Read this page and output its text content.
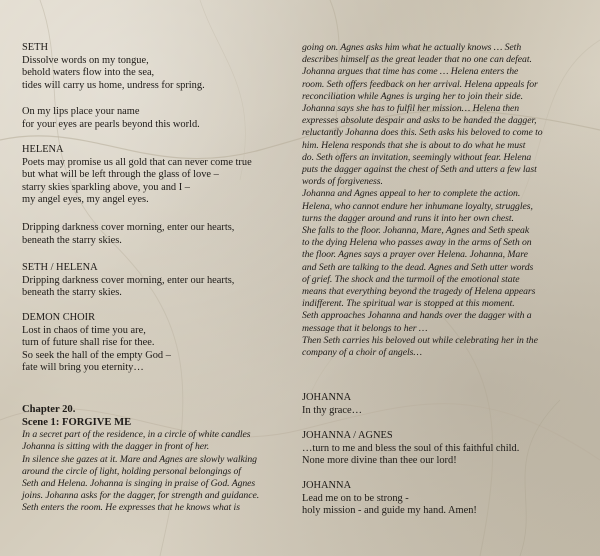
SETH
Dissolve words on my tongue,
behold waters flow into the sea,
tides will carry us home, undress for spring.
On my lips place your name
for your eyes are pearls beyond this world.
HELENA
Poets may promise us all gold that can never come true
but what will be left through the glass of love –
starry skies sparkling above, you and I –
my angel eyes, my angel eyes.
Dripping darkness cover morning, enter our hearts,
beneath the starry skies.
SETH / HELENA
Dripping darkness cover morning, enter our hearts,
beneath the starry skies.
DEMON CHOIR
Lost in chaos of time you are,
turn of future shall rise for thee.
So seek the hall of the empty God –
fate will bring you eternity…
Chapter 20.
Scene 1: FORGIVE ME
In a secret part of the residence, in a circle of white candles
Johanna is sitting with the dagger in front of her.
In silence she gazes at it. Mare and Agnes are slowly walking
around the circle of light, holding personal belongings of
Seth and Helena. Johanna is singing in praise of God. Agnes
joins. Johanna asks for the dagger, for strength and guidance.
Seth enters the room. He expresses that he knows what is
going on. Agnes asks him what he actually knows … Seth
describes himself as the great leader that no one can defeat.
Johanna argues that time has come … Helena enters the
room. Seth offers feedback on her arrival. Helena appeals for
reconciliation while Agnes is urging her to join their side.
Johanna says she has to fulfil her mission… Helena then
expresses absolute despair and asks to be handed the dagger,
reluctantly Johanna does this. Seth asks his beloved to come to
him. Helena responds that she is about to do what he must
do. Seth offers an invitation, seemingly without fear. Helena
puts the dagger against the chest of Seth and utters a few last
words of forgiveness.
Johanna and Agnes appeal to her to complete the action.
Helena, who cannot endure her inhumane loyalty, struggles,
turns the dagger around and runs it into her own chest.
She falls to the floor. Johanna, Mare, Agnes and Seth speak
to the dying Helena who passes away in the arms of Seth on
the floor. Agnes says a prayer over Helena. Johanna, Mare
and Seth are talking to the dead. Agnes and Seth utter words
of grief. The shock and the turmoil of the emotional state
means that everything beyond the tragedy of Helena appears
indifferent. The spiritual war is stopped at this moment.
Seth approaches Johanna and hands over the dagger with a
message that it belongs to her …
Then Seth carries his beloved out while celebrating her in the
company of a choir of angels…
JOHANNA
In thy grace…
JOHANNA / AGNES
…turn to me and bless the soul of this faithful child.
None more divine than thee our lord!
JOHANNA
Lead me on to be strong -
holy mission - and guide my hand. Amen!
